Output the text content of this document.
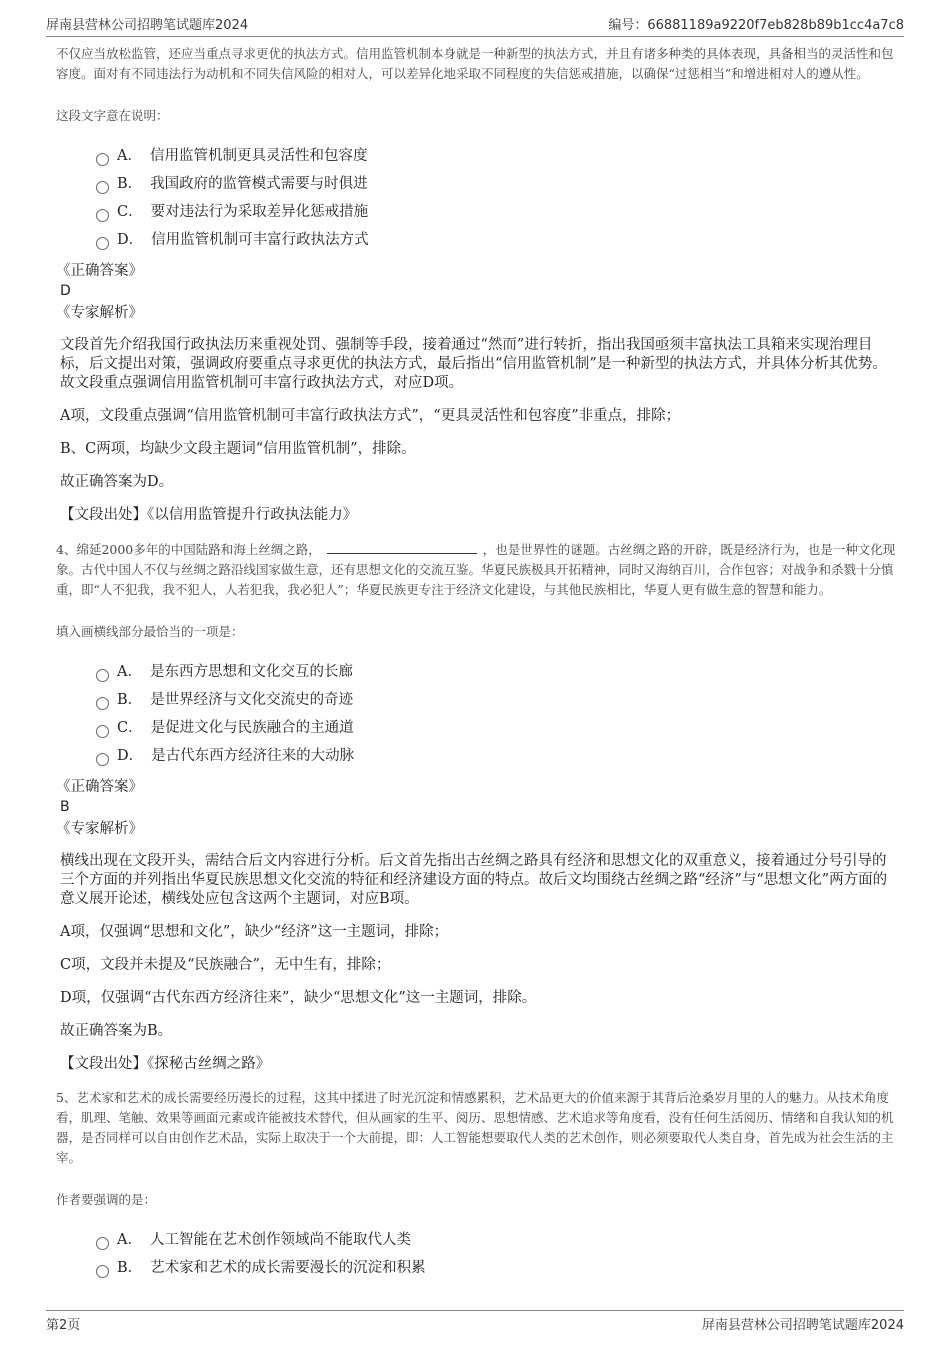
屏南县营林公司招聘笔试题库2024	编号：66881189a9220f7eb828b89b1cc4a7c8

不仅应当放松监管，还应当重点寻求更优的执法方式。信用监管机制本身就是一种新型的执法方式，并且有诸多种类的具体表现，具备相当的灵活性和包容度。面对有不同违法行为动机和不同失信风险的相对人，可以差异化地采取不同程度的失信惩戒措施，以确保“过惩相当”和增进相对人的遵从性。

这段文字意在说明：

A． 信用监管机制更具灵活性和包容度
B． 我国政府的监管模式需要与时俱进
C． 要对违法行为采取差异化惩戒措施
D． 信用监管机制可丰富行政执法方式

《正确答案》

D

《专家解析》

文段首先介绍我国行政执法历来重视处罚、强制等手段，接着通过“然而”进行转折，指出我国亟须丰富执法工具箱来实现治理目标，后文提出对策，强调政府要重点寻求更优的执法方式，最后指出“信用监管机制”是一种新型的执法方式，并具体分析其优势。故文段重点强调信用监管机制可丰富行政执法方式，对应D项。

A项，文段重点强调“信用监管机制可丰富行政执法方式”，“更具灵活性和包容度”非重点，排除；

B、C两项，均缺少文段主题词“信用监管机制”，排除。

故正确答案为D。

【文段出处】《以信用监管提升行政执法能力》

4、绵延2000多年的中国陆路和海上丝绸之路，	，也是世界性的谜题。古丝绸之路的开辟，既是经济行为，也是一种文化现象。古代中国人不仅与丝绸之路沿线国家做生意，还有思想文化的交流互鉴。华夏民族极具开拓精神，同时又海纳百川，合作包容；对战争和杀戮十分慎重，即“人不犯我，我不犯人，人若犯我，我必犯人”；华夏民族更专注于经济文化建设，与其他民族相比，华夏人更有做生意的智慧和能力。

填入画横线部分最恰当的一项是：

A． 是东西方思想和文化交互的长廊
B． 是世界经济与文化交流史的奇迹
C． 是促进文化与民族融合的主通道
D． 是古代东西方经济往来的大动脉

《正确答案》

B

《专家解析》

横线出现在文段开头，需结合后文内容进行分析。后文首先指出古丝绸之路具有经济和思想文化的双重意义，接着通过分号引导的三个方面的并列指出华夏民族思想文化交流的特征和经济建设方面的特点。故后文均围绕古丝绸之路“经济”与“思想文化”两方面的意义展开论述，横线处应包含这两个主题词，对应B项。

A项，仅强调“思想和文化”，缺少“经济”这一主题词，排除；

C项，文段并未提及“民族融合”，无中生有，排除；

D项，仅强调“古代东西方经济往来”，缺少“思想文化”这一主题词，排除。

故正确答案为B。

【文段出处】《探秘古丝绸之路》

5、艺术家和艺术的成长需要经历漫长的过程，这其中揉进了时光沉淀和情感累积，艺术品更大的价值来源于其背后沧桑岁月里的人的魅力。从技术角度看，肌理、笔触、效果等画面元素或许能被技术替代，但从画家的生平、阅历、思想情感、艺术追求等角度看，没有任何生活阅历、情绪和自我认知的机器，是否同样可以自由创作艺术品，实际上取决于一个大前提，即：人工智能想要取代人类的艺术创作，则必须要取代人类自身，首先成为社会生活的主宰。

作者要强调的是：

A． 人工智能在艺术创作领域尚不能取代人类
B． 艺术家和艺术的成长需要漫长的沉淀和积累
第2页	屏南县营林公司招聘笔试题库2024
